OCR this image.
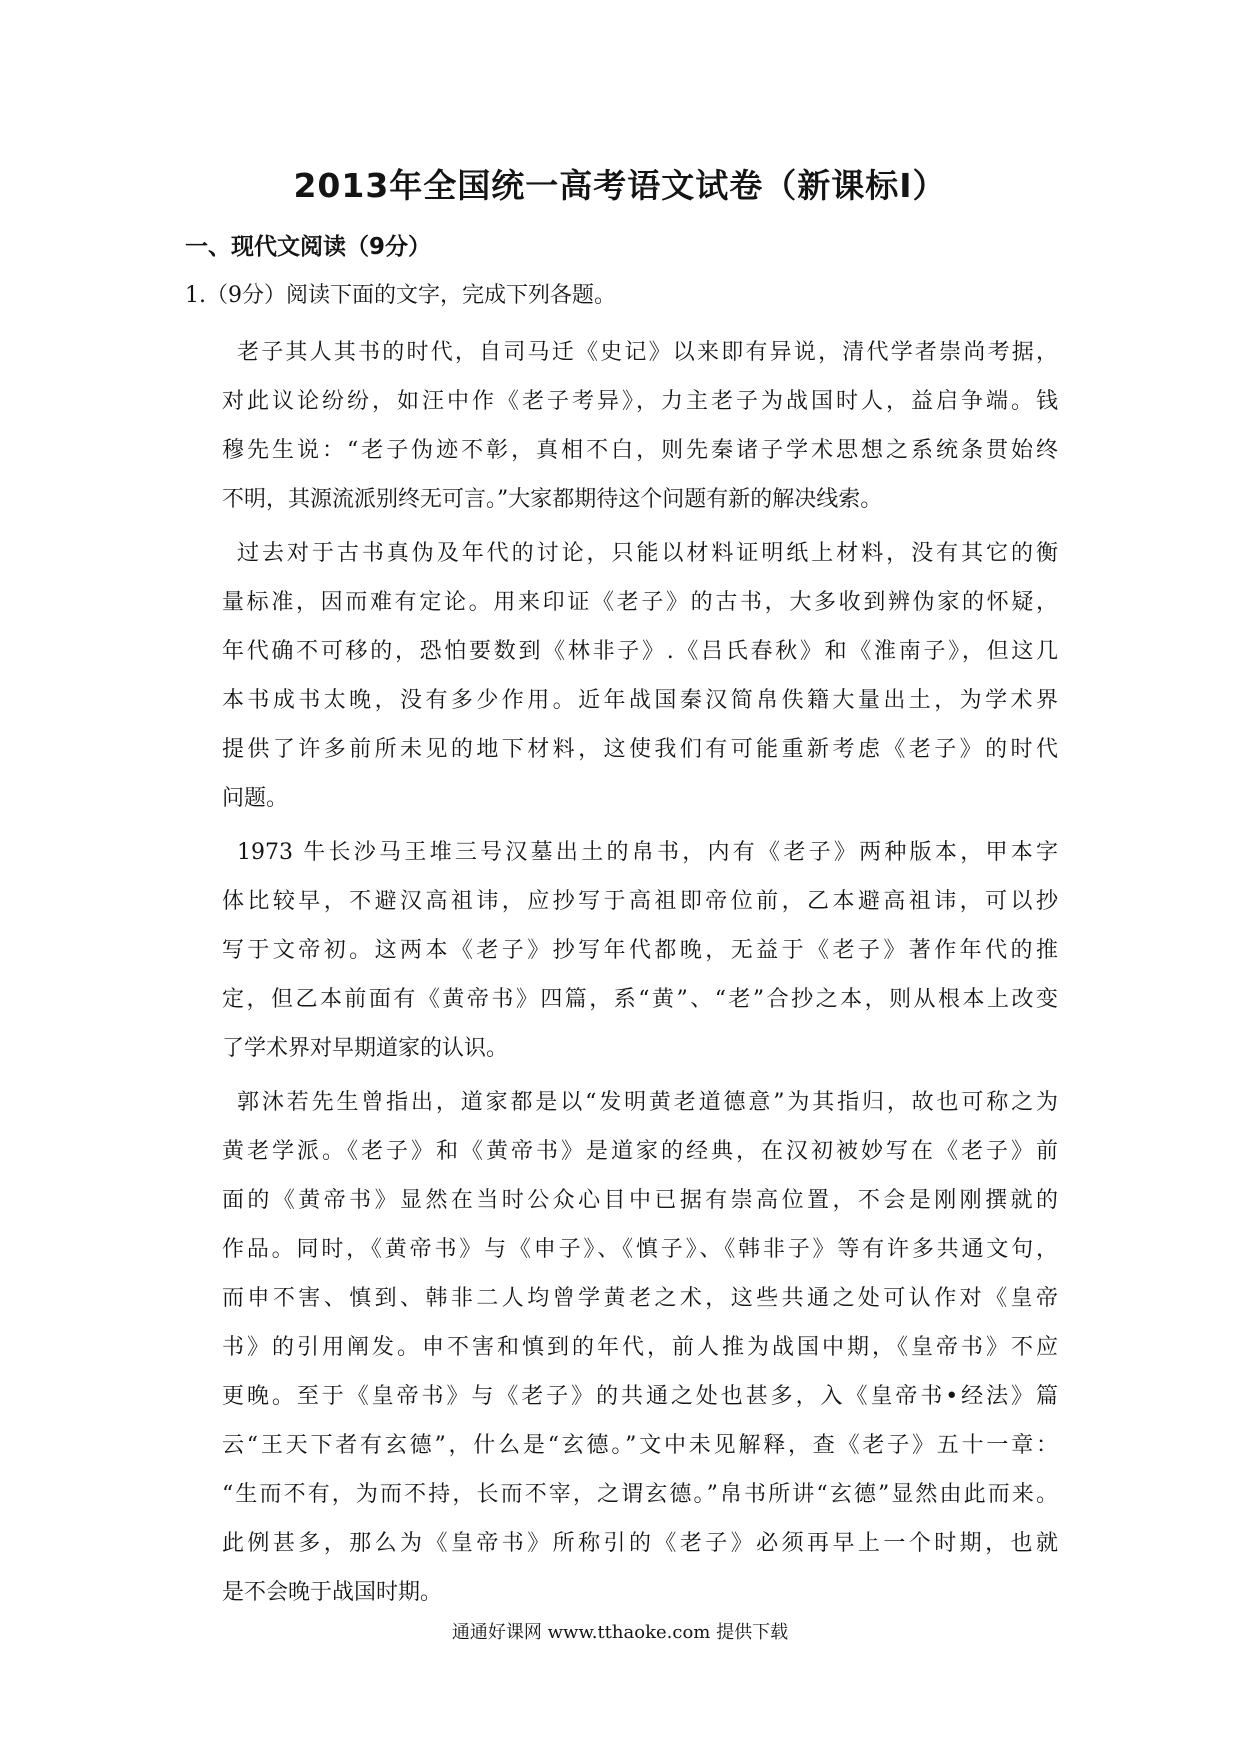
2013年全国统一高考语文试卷（新课标Ⅰ）
一、现代文阅读（9分）
1.（9分）阅读下面的文字，完成下列各题。
老子其人其书的时代，自司马迁《史记》以来即有异说，清代学者崇尚考据，
对此议论纷纷，如汪中作《老子考异》，力主老子为战国时人，益启争端。钱
穆先生说：“老子伪迹不彰，真相不白，则先秦诸子学术思想之系统条贯始终
不明，其源流派别终无可言。”大家都期待这个问题有新的解决线索。
过去对于古书真伪及年代的讨论，只能以材料证明纸上材料，没有其它的衡
量标准，因而难有定论。用来印证《老子》的古书，大多收到辨伪家的怀疑，
年代确不可移的，恐怕要数到《林非子》.《吕氏春秋》和《淮南子》，但这几
本书成书太晚，没有多少作用。近年战国秦汉简帛佚籍大量出土，为学术界
提供了许多前所未见的地下材料，这使我们有可能重新考虑《老子》的时代
问题。
1973 牛长沙马王堆三号汉墓出土的帛书，内有《老子》两种版本，甲本字
体比较早，不避汉高祖讳，应抄写于高祖即帝位前，乙本避高祖讳，可以抄
写于文帝初。这两本《老子》抄写年代都晚，无益于《老子》著作年代的推
定，但乙本前面有《黄帝书》四篇，系“黄”、“老”合抄之本，则从根本上改变
了学术界对早期道家的认识。
郭沐若先生曾指出，道家都是以“发明黄老道德意”为其指归，故也可称之为
黄老学派。《老子》和《黄帝书》是道家的经典，在汉初被妙写在《老子》前
面的《黄帝书》显然在当时公众心目中已据有崇高位置，不会是刚刚撰就的
作品。同时，《黄帝书》与《申子》、《慎子》、《韩非子》等有许多共通文句，
而申不害、慎到、韩非二人均曾学黄老之术，这些共通之处可认作对《皇帝
书》的引用阐发。申不害和慎到的年代，前人推为战国中期，《皇帝书》不应
更晚。至于《皇帝书》与《老子》的共通之处也甚多，入《皇帝书•经法》篇
云“王天下者有玄德”，什么是“玄德。”文中未见解释，查《老子》五十一章：
“生而不有，为而不持，长而不宰，之谓玄德。”帛书所讲“玄德”显然由此而来。
此例甚多，那么为《皇帝书》所称引的《老子》必须再早上一个时期，也就
是不会晚于战国时期。
通通好课网 www.tthaoke.com 提供下载
